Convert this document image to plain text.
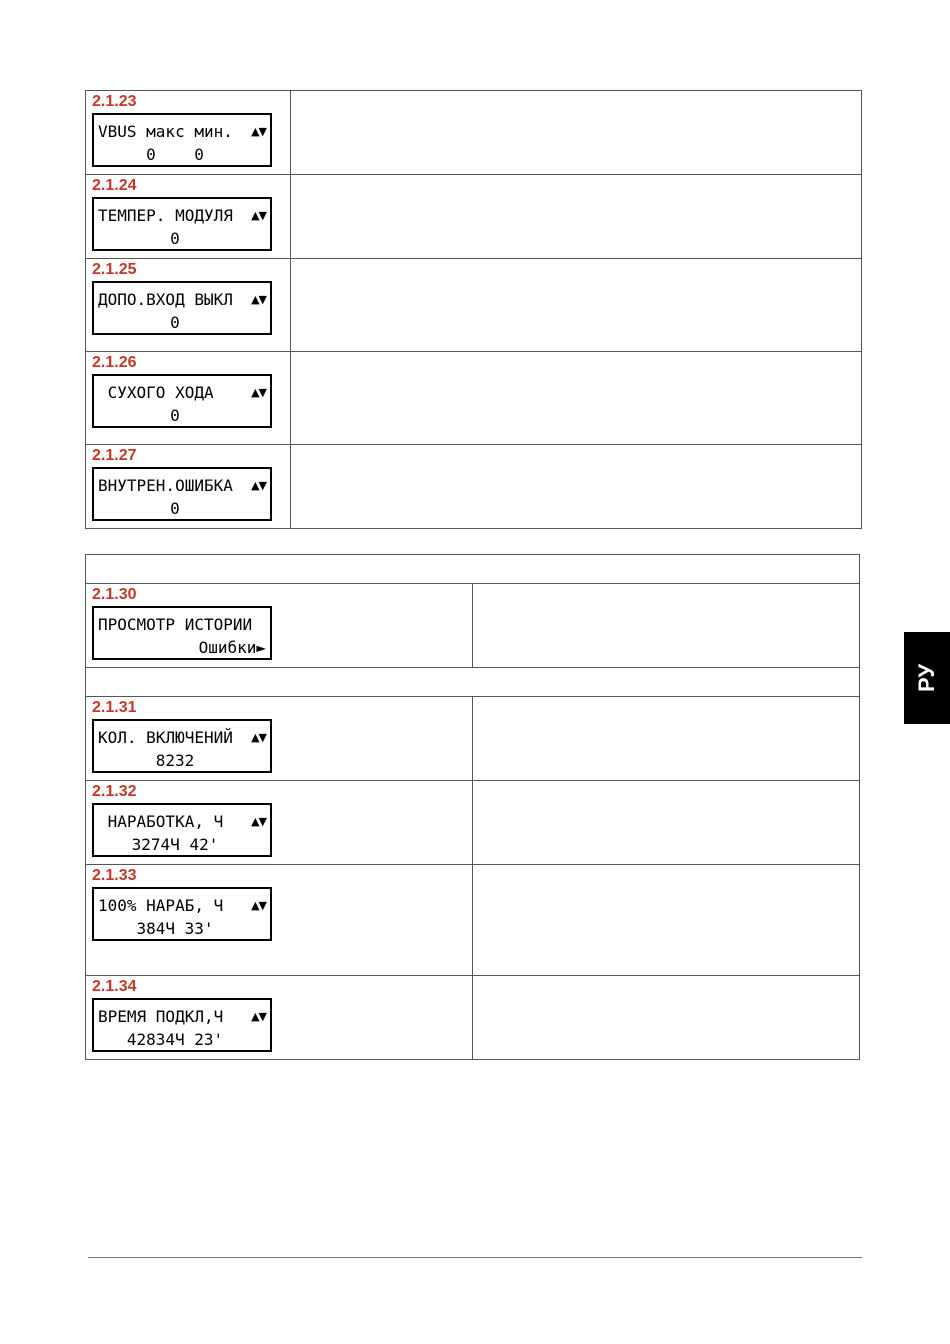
2.1.23
VBUS макс мин.
0    0
▲▼	

2.1.24
ТЕМПЕР. МОДУЛЯ
0
▲▼	

2.1.25
ДОПО.ВХОД ВЫКЛ
0
▲▼	

2.1.26
СУХОГО ХОДА
0
▲▼	

2.1.27
ВНУТРЕН.ОШИБКА
0
▲▼	

2.1.30
ПРОСМОТР ИСТОРИИ
Ошибки►	

2.1.31
КОЛ. ВКЛЮЧЕНИЙ
8232
▲▼	

2.1.32
НАРАБОТКА, Ч
3274Ч 42'
▲▼	

2.1.33
100% НАРАБ, Ч
384Ч 33'
▲▼	

2.1.34
ВРЕМЯ ПОДКЛ,Ч
42834Ч 23'
▲▼	

РУ
